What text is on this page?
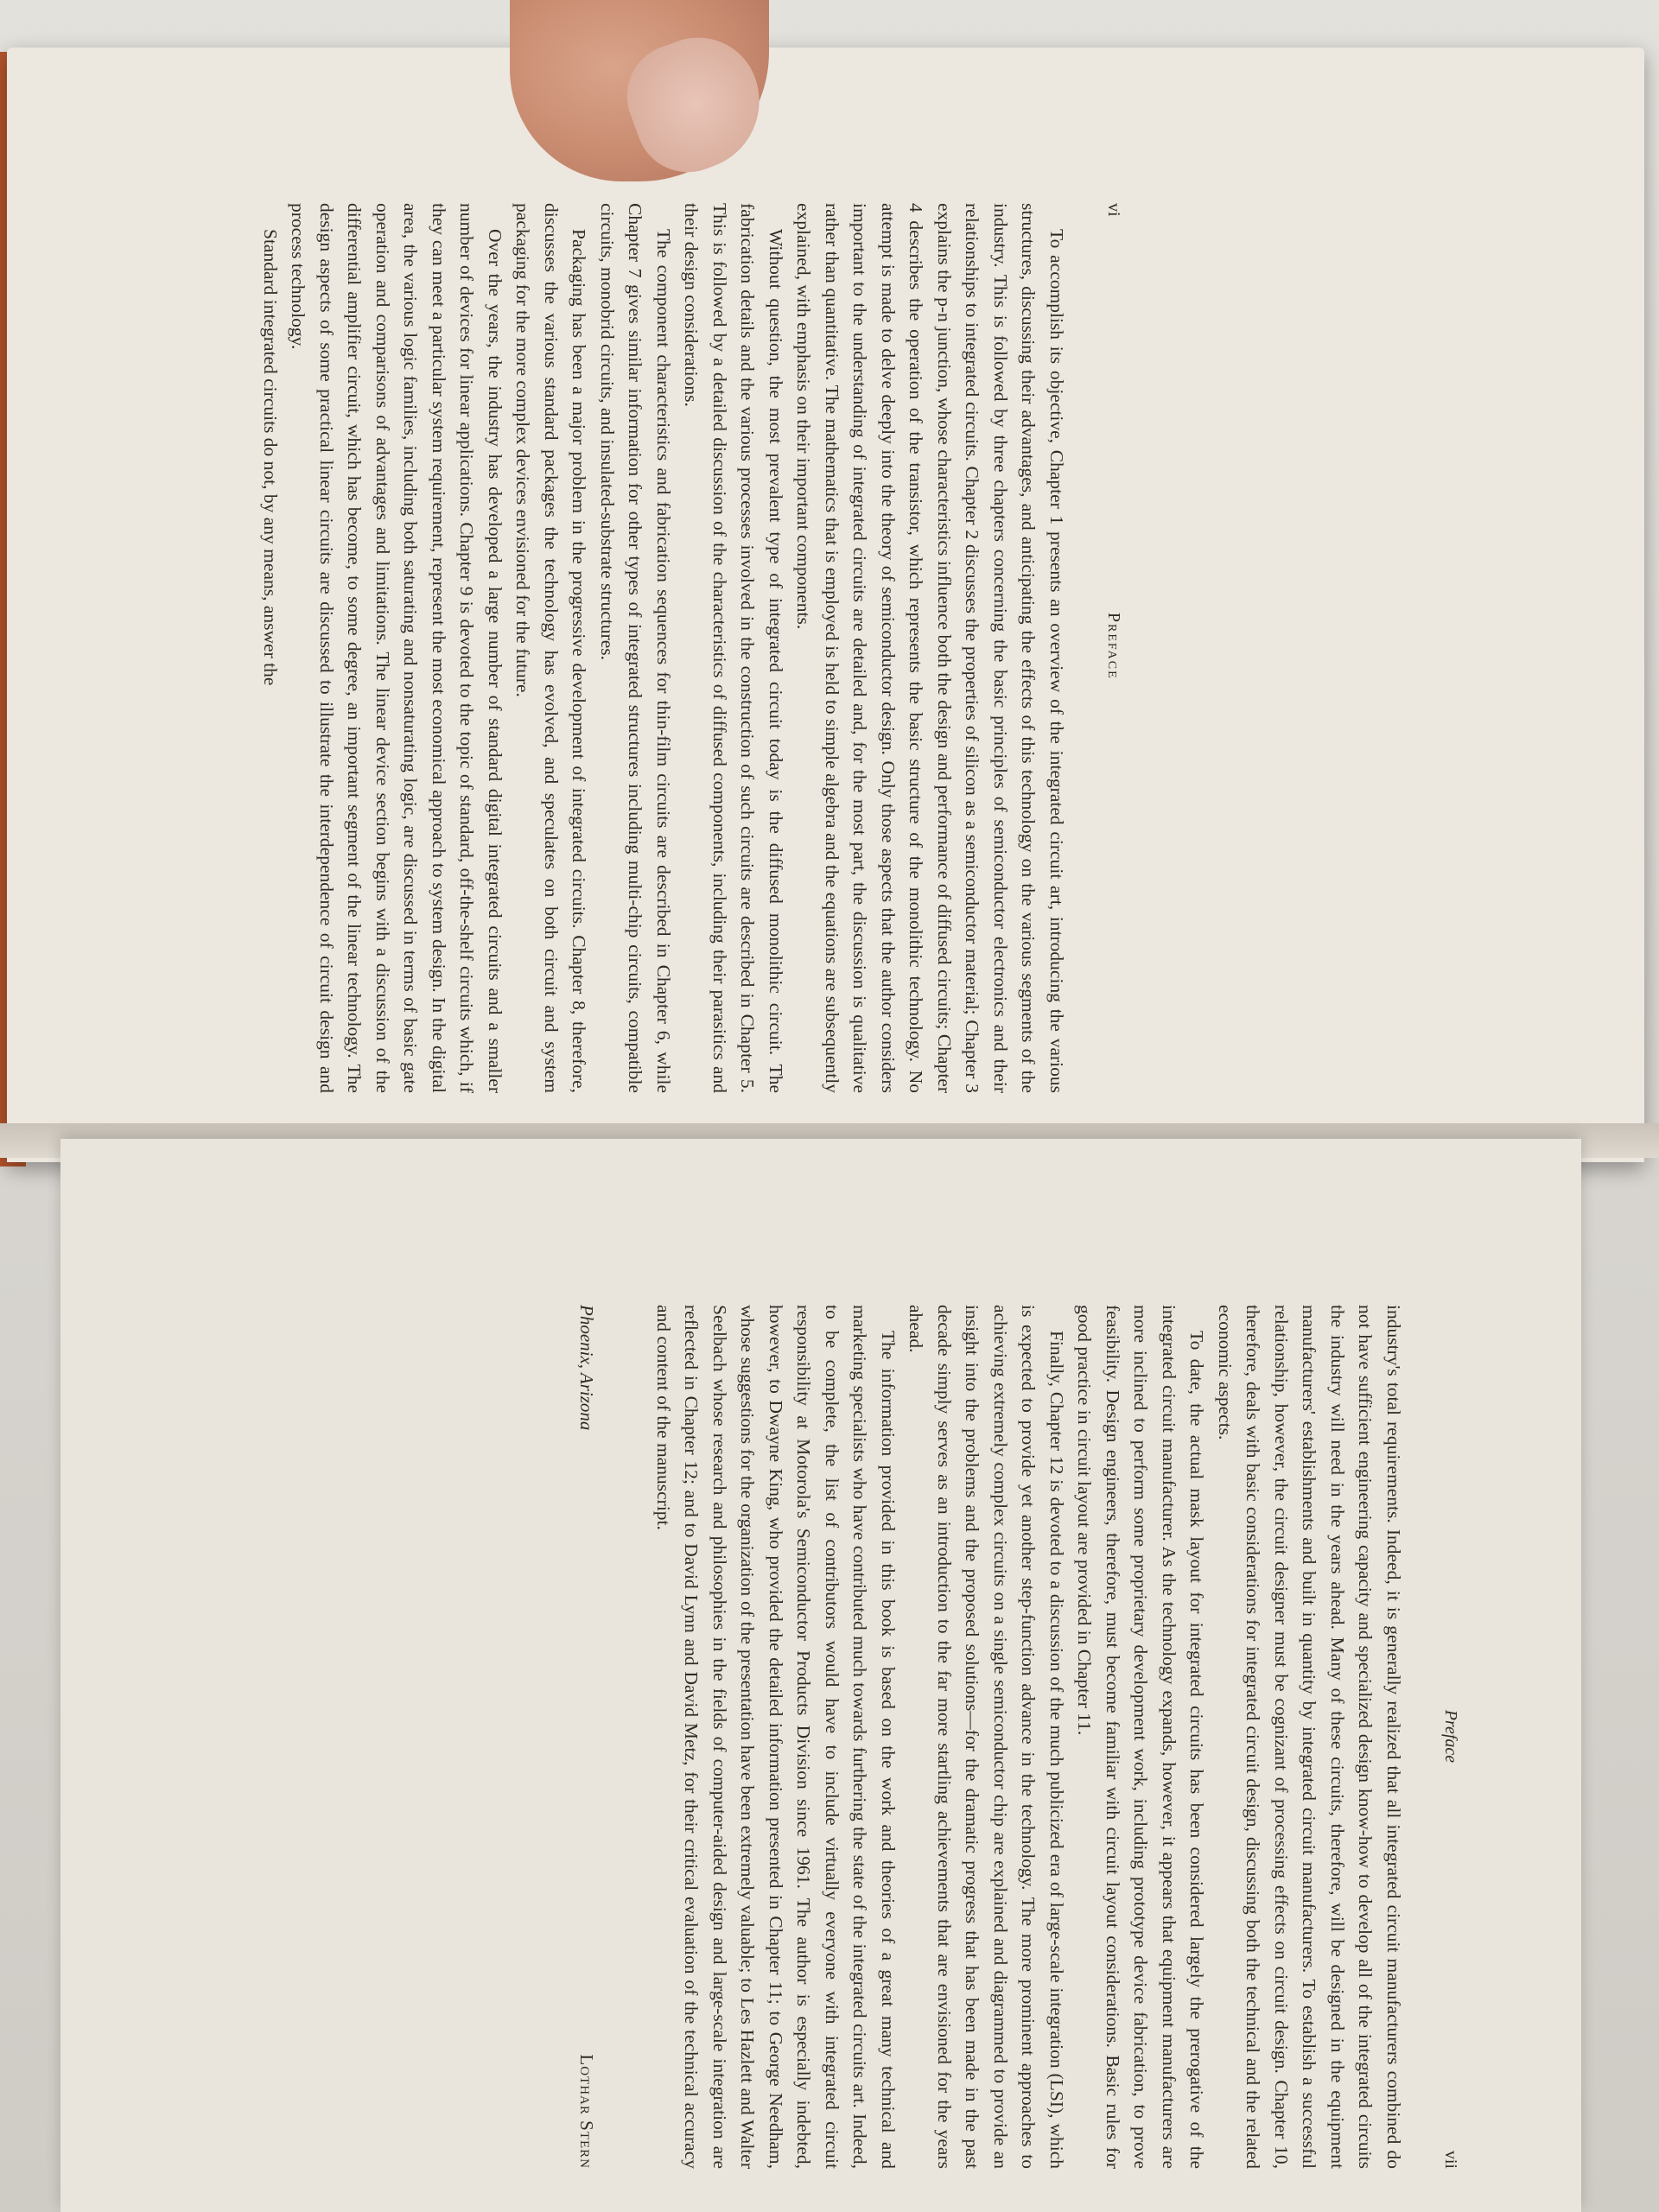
vi
Preface

To accomplish its objective, Chapter 1 presents an overview of the integrated circuit art, introducing the various structures, discussing their advantages, and anticipating the effects of this technology on the various segments of the industry. This is followed by three chapters concerning the basic principles of semiconductor electronics and their relationships to integrated circuits. Chapter 2 discusses the properties of silicon as a semiconductor material; Chapter 3 explains the p-n junction, whose characteristics influence both the design and performance of diffused circuits; Chapter 4 describes the operation of the transistor, which represents the basic structure of the monolithic technology. No attempt is made to delve deeply into the theory of semiconductor design. Only those aspects that the author considers important to the understanding of integrated circuits are detailed and, for the most part, the discussion is qualitative rather than quantitative. The mathematics that is employed is held to simple algebra and the equations are subsequently explained, with emphasis on their important components.

Without question, the most prevalent type of integrated circuit today is the diffused monolithic circuit. The fabrication details and the various processes involved in the construction of such circuits are described in Chapter 5. This is followed by a detailed discussion of the characteristics of diffused components, including their parasitics and their design considerations.

The component characteristics and fabrication sequences for thin-film circuits are described in Chapter 6, while Chapter 7 gives similar information for other types of integrated structures including multi-chip circuits, compatible circuits, monobrid circuits, and insulated-substrate structures.

Packaging has been a major problem in the progressive development of integrated circuits. Chapter 8, therefore, discusses the various standard packages the technology has evolved, and speculates on both circuit and system packaging for the more complex devices envisioned for the future.

Over the years, the industry has developed a large number of standard digital integrated circuits and a smaller number of devices for linear applications. Chapter 9 is devoted to the topic of standard, off-the-shelf circuits which, if they can meet a particular system requirement, represent the most economical approach to system design. In the digital area, the various logic families, including both saturating and nonsaturating logic, are discussed in terms of basic gate operation and comparisons of advantages and limitations. The linear device section begins with a discussion of the differential amplifier circuit, which has become, to some degree, an important segment of the linear technology. The design aspects of some practical linear circuits are discussed to illustrate the interdependence of circuit design and process technology.

Standard integrated circuits do not, by any means, answer the

Preface
vii

industry's total requirements. Indeed, it is generally realized that all integrated circuit manufacturers combined do not have sufficient engineering capacity and specialized design know-how to develop all of the integrated circuits the industry will need in the years ahead. Many of these circuits, therefore, will be designed in the equipment manufacturers' establishments and built in quantity by integrated circuit manufacturers. To establish a successful relationship, however, the circuit designer must be cognizant of processing effects on circuit design. Chapter 10, therefore, deals with basic considerations for integrated circuit design, discussing both the technical and the related economic aspects.

To date, the actual mask layout for integrated circuits has been considered largely the prerogative of the integrated circuit manufacturer. As the technology expands, however, it appears that equipment manufacturers are more inclined to perform some proprietary development work, including prototype device fabrication, to prove feasibility. Design engineers, therefore, must become familiar with circuit layout considerations. Basic rules for good practice in circuit layout are provided in Chapter 11.

Finally, Chapter 12 is devoted to a discussion of the much publicized era of large-scale integration (LSI), which is expected to provide yet another step-function advance in the technology. The more prominent approaches to achieving extremely complex circuits on a single semiconductor chip are explained and diagrammed to provide an insight into the problems and the proposed solutions—for the dramatic progress that has been made in the past decade simply serves as an introduction to the far more startling achievements that are envisioned for the years ahead.

The information provided in this book is based on the work and theories of a great many technical and marketing specialists who have contributed much towards furthering the state of the integrated circuits art. Indeed, to be complete, the list of contributors would have to include virtually everyone with integrated circuit responsibility at Motorola's Semiconductor Products Division since 1961. The author is especially indebted, however, to Dwayne King, who provided the detailed information presented in Chapter 11; to George Needham, whose suggestions for the organization of the presentation have been extremely valuable; to Les Hazlett and Walter Seelbach whose research and philosophies in the fields of computer-aided design and large-scale integration are reflected in Chapter 12; and to David Lynn and David Metz, for their critical evaluation of the technical accuracy and content of the manuscript.

Phoenix, Arizona
Lothar Stern
